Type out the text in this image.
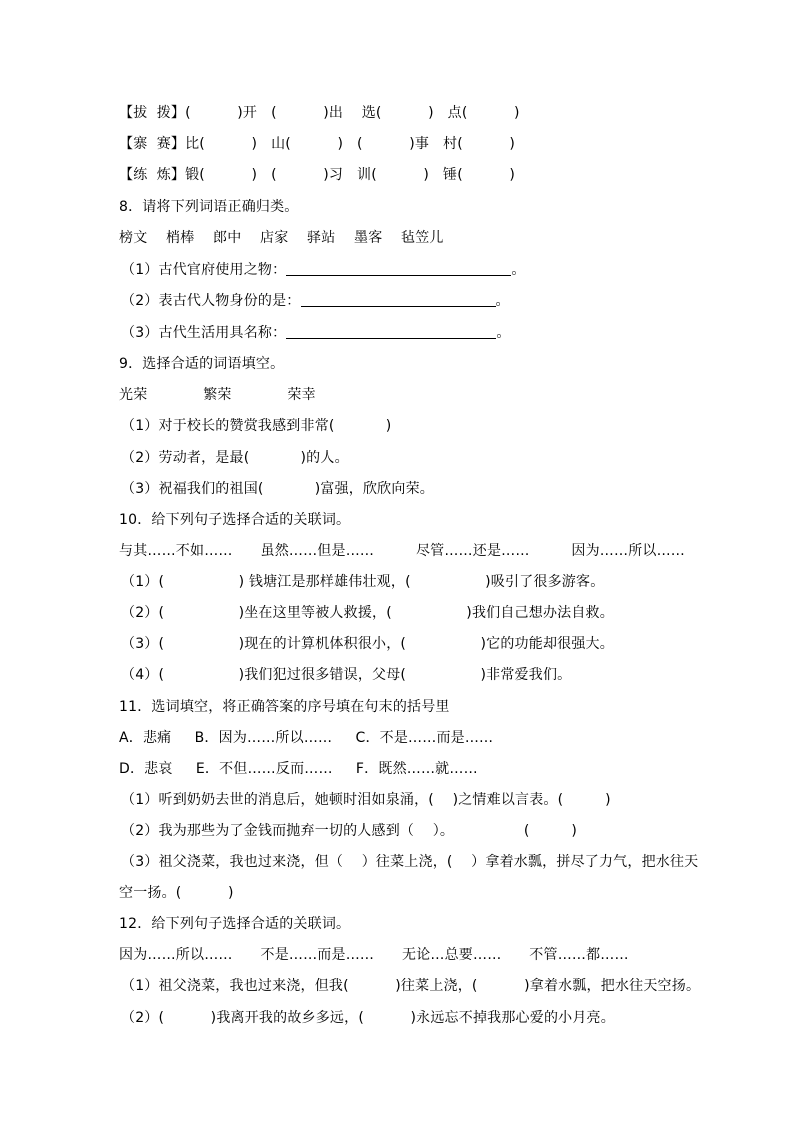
【拔  拨】(          )开   (          )出    选(          )   点(          )
【寨  赛】比(          )   山(          )   (          )事   村(          )
【练  炼】锻(          )   (          )习   训(          )   锤(          )
8．请将下列词语正确归类。
榜文    梢棒    郎中    店家    驿站    墨客    毡笠儿
（1）古代官府使用之物：	。
（2）表古代人物身份的是：	。
（3）古代生活用具名称：	。
9．选择合适的词语填空。
光荣            繁荣            荣幸
（1）对于校长的赞赏我感到非常(           )
（2）劳动者，是最(           )的人。
（3）祝福我们的祖国(           )富强，欣欣向荣。
10．给下列句子选择合适的关联词。
与其……不如……      虽然……但是……         尽管……还是……         因为……所以……
（1）(                ) 钱塘江是那样雄伟壮观，(                )吸引了很多游客。
（2）(                )坐在这里等被人救援，(                )我们自己想办法自救。
（3）(                )现在的计算机体积很小，(                )它的功能却很强大。
（4）(                )我们犯过很多错误，父母(                )非常爱我们。
11．选词填空，将正确答案的序号填在句末的括号里
A．悲痛     B．因为……所以……     C．不是……而是……
D．悲哀     E．不但……反而……     F．既然……就……
（1）听到奶奶去世的消息后，她顿时泪如泉涌，(    )之情难以言表。(         )
（2）我为那些为了金钱而抛弃一切的人感到（    ）。               (         )
（3）祖父浇菜，我也过来浇，但（    ）往菜上浇，(    ）拿着水瓢，拼尽了力气，把水往天
空一扬。(          )
12．给下列句子选择合适的关联词。
因为……所以……      不是……而是……      无论…总要……      不管……都……
（1）祖父浇菜，我也过来浇，但我(          )往菜上浇，(          )拿着水瓢，把水往天空扬。
（2）(          )我离开我的故乡多远，(          )永远忘不掉我那心爱的小月亮。
